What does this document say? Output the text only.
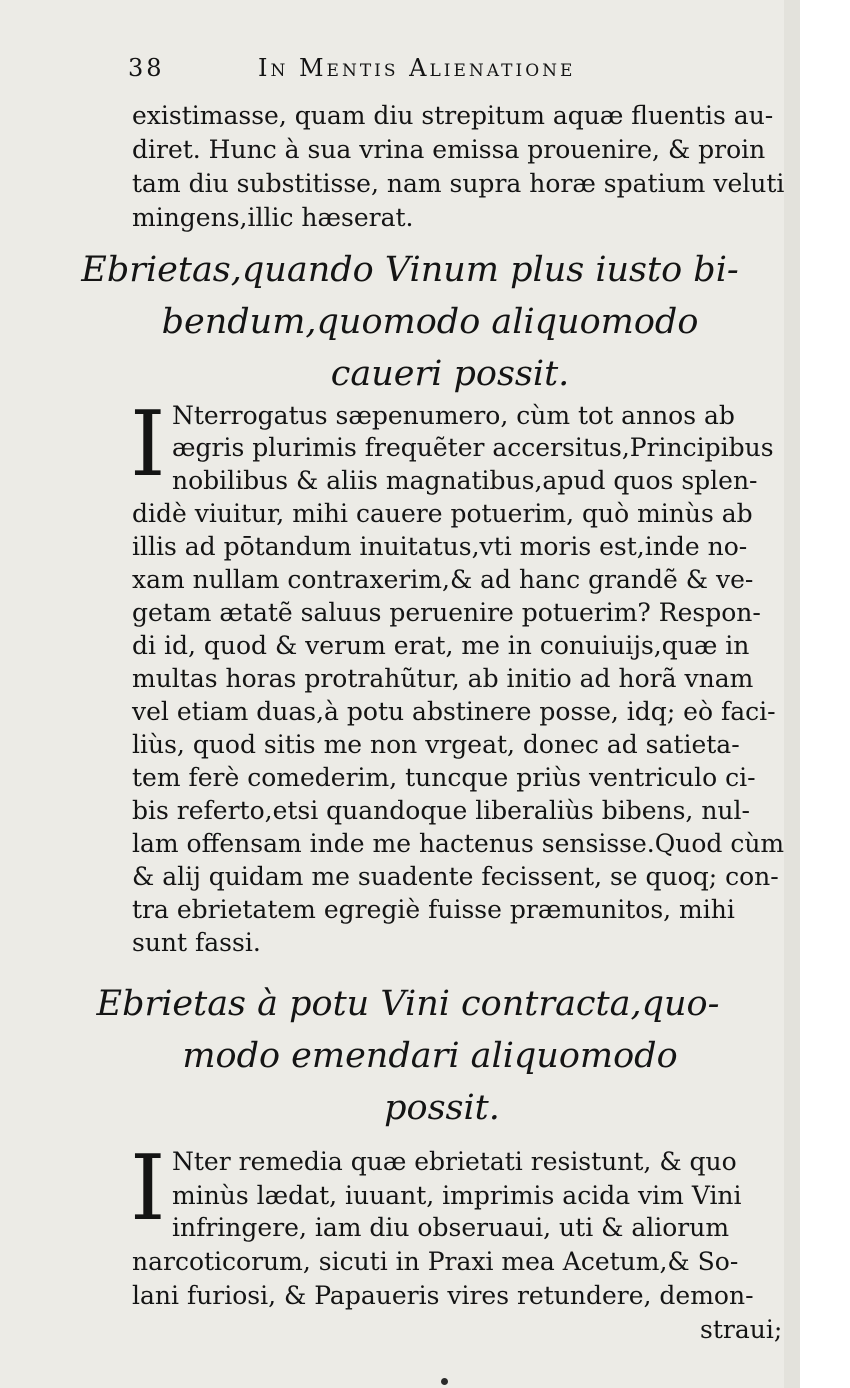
38	In Mentis Alienatione
existimasse, quam diu strepitum aquæ fluentis au-
diret. Hunc à sua vrina emissa prouenire, & proin
tam diu substitisse, nam supra horæ spatium veluti
mingens,illic hæserat.
Ebrietas,quando Vinum plus iusto bi-
bendum,quomodo aliquomodo
caueri possit.
I Nterrogatus sæpenumero, cùm tot annos ab
ægris plurimis frequẽter accersitus,Principibus
nobilibus & aliis magnatibus,apud quos splen-
didè viuitur, mihi cauere potuerim, quò minùs ab
illis ad pōtandum inuitatus,vti moris est,inde no-
xam nullam contraxerim,& ad hanc grandẽ & ve-
getam ætatẽ saluus peruenire potuerim? Respon-
di id, quod & verum erat, me in conuiuijs,quæ in
multas horas protrahũtur, ab initio ad horã vnam
vel etiam duas,à potu abstinere posse, idq; eò faci-
liùs, quod sitis me non vrgeat, donec ad satieta-
tem ferè comederim, tuncque priùs ventriculo ci-
bis referto,etsi quandoque liberaliùs bibens, nul-
lam offensam inde me hactenus sensisse.Quod cùm
& alij quidam me suadente fecissent, se quoq; con-
tra ebrietatem egregiè fuisse præmunitos, mihi
sunt fassi.
Ebrietas à potu Vini contracta,quo-
modo emendari aliquomodo
possit.
I Nter remedia quæ ebrietati resistunt, & quo
minùs lædat, iuuant, imprimis acida vim Vini
infringere, iam diu obseruaui, uti & aliorum
narcoticorum, sicuti in Praxi mea Acetum,& So-
lani furiosi, & Papaueris vires retundere, demon-
straui;
